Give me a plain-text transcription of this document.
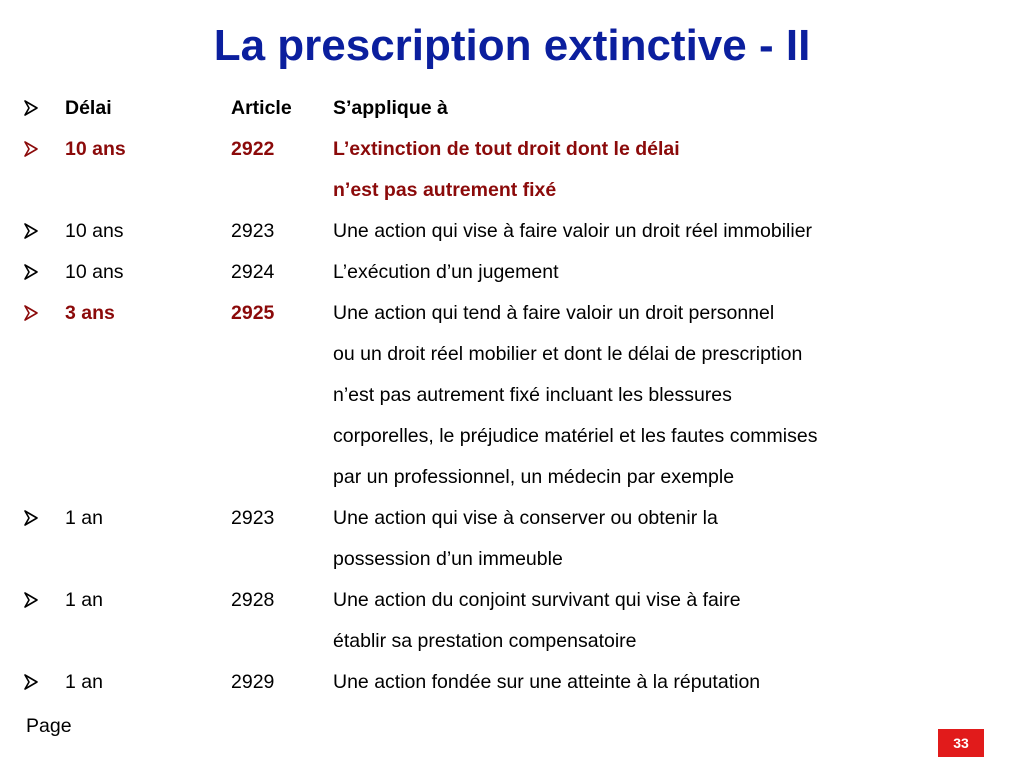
La prescription extinctive - II
Délai	Article S’applique à
10 ans	2922	L’extinction de tout droit dont le délai
n’est pas autrement fixé
10 ans	2923	Une action qui vise à faire valoir un droit réel immobilier
10 ans	2924	L’exécution d’un jugement
3 ans	2925	Une action qui tend à faire valoir un droit personnel
ou un droit réel mobilier et dont le délai de prescription
n’est pas autrement fixé incluant les blessures
corporelles, le préjudice matériel et les fautes commises
par un professionnel, un médecin par exemple
1 an	2923	Une action qui vise à conserver ou obtenir la
possession d’un immeuble
1 an	2928	Une action du conjoint survivant qui vise à faire
établir sa prestation compensatoire
1 an	2929	Une action fondée sur une atteinte à la réputation
Page
33
